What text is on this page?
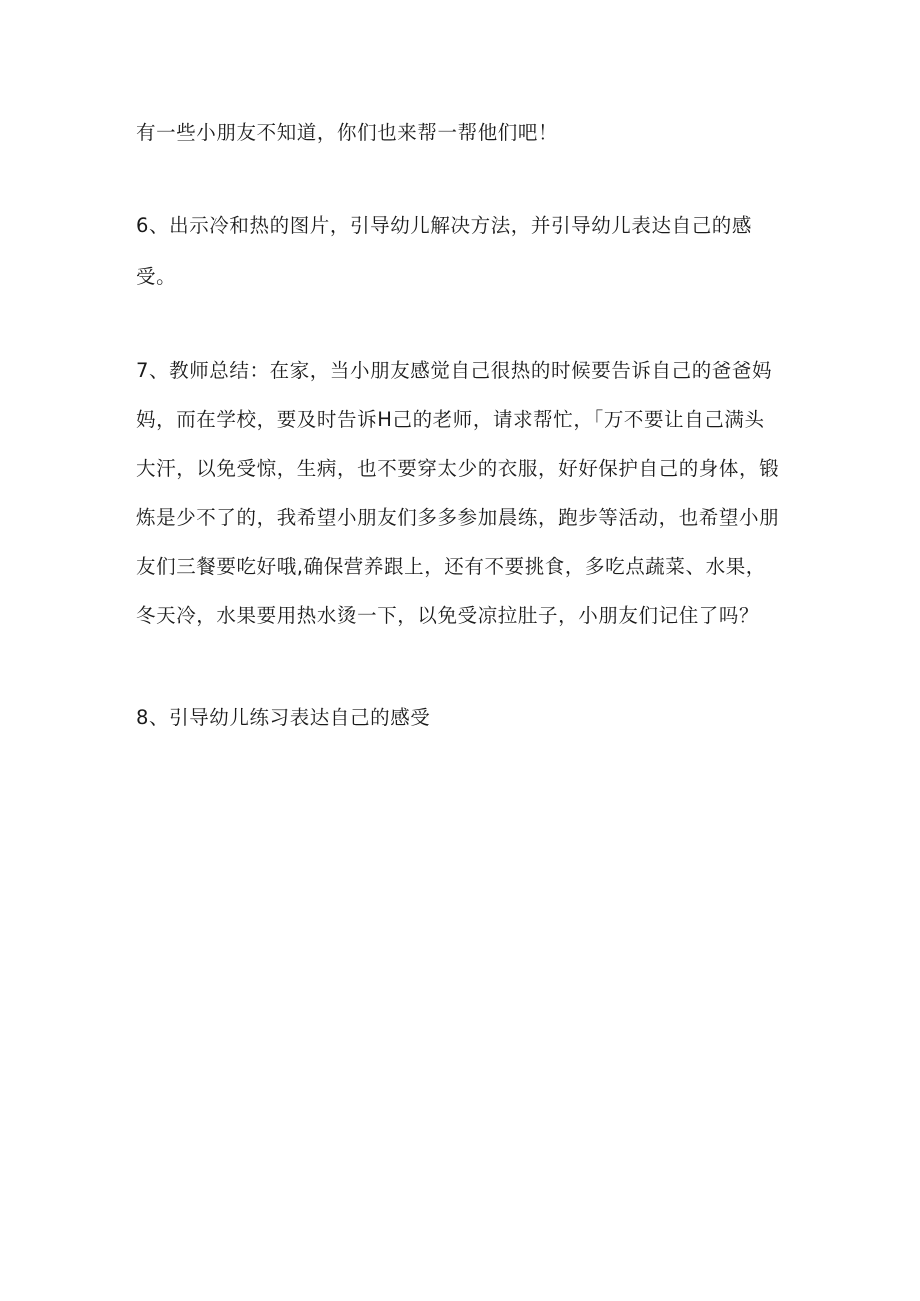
有一些小朋友不知道，你们也来帮一帮他们吧！

6、出示冷和热的图片，引导幼儿解决方法，并引导幼儿表达自己的感

受。

7、教师总结：在家，当小朋友感觉自己很热的时候要告诉自己的爸爸妈

妈，而在学校，要及时告诉H己的老师，请求帮忙，「万不要让自己满头

大汗，以免受惊，生病，也不要穿太少的衣服，好好保护自己的身体，锻

炼是少不了的，我希望小朋友们多多参加晨练，跑步等活动，也希望小朋

友们三餐要吃好哦,确保营养跟上，还有不要挑食，多吃点蔬菜、水果，

冬天冷，水果要用热水烫一下，以免受凉拉肚子，小朋友们记住了吗？

8、引导幼儿练习表达自己的感受
